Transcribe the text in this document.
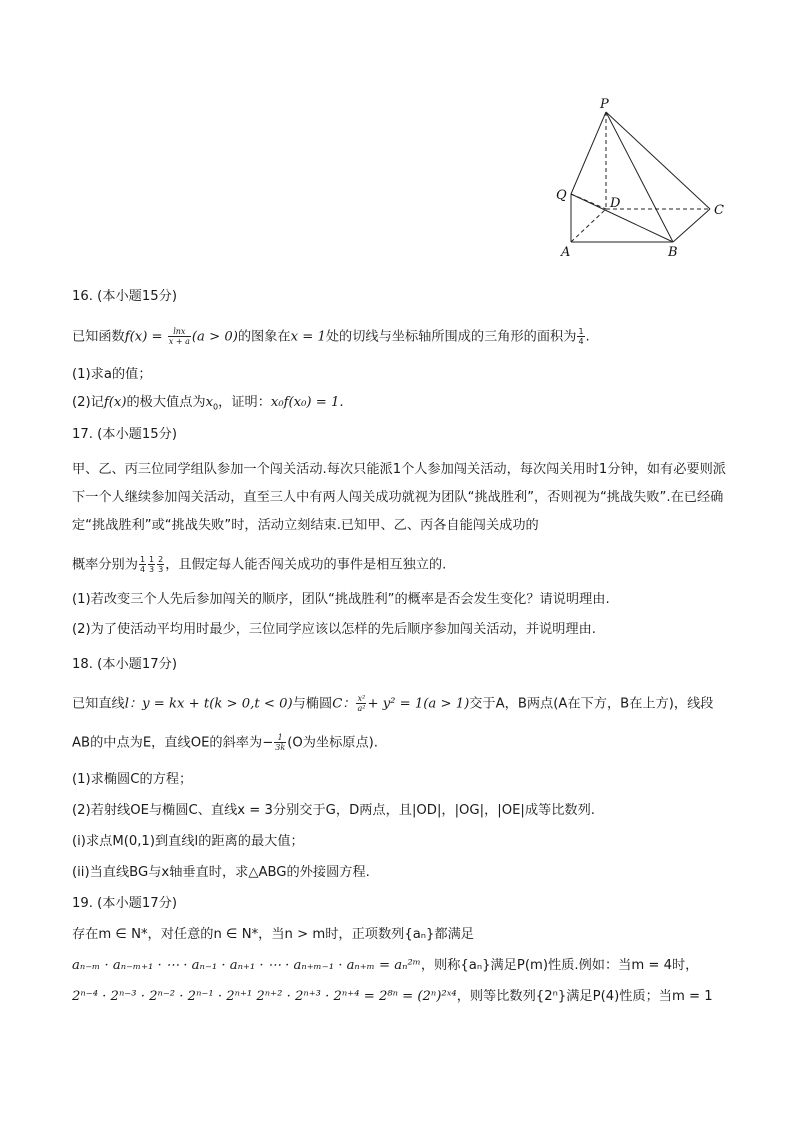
P
Q
D	C
A	B
16. (本小题15分)
已知函数$f(x) = \frac{\ln x}{x + a} (a > 0)$的图象在x = 1处的切线与坐标轴所围成的三角形的面积为 $\frac{1}{4}$ .
(1)求a的值；
(2)记f(x)的极大值点为$x_0$，证明：x₀f(x₀) = 1.
17. (本小题15分)
甲、乙、丙三位同学组队参加一个闯关活动.每次只能派1个人参加闯关活动，每次闯关用时1分钟，如有必要则派下一个人继续参加闯关活动，直至三人中有两人闯关成功就视为团队“挑战胜利”，否则视为“挑战失败”.在已经确定“挑战胜利”或“挑战失败”时，活动立刻结束.已知甲、乙、丙各自能闯关成功的
概率分别为 $\frac{1}{4} \frac{1}{3} \frac{2}{3}$ ，且假定每人能否闯关成功的事件是相互独立的.
(1)若改变三个人先后参加闯关的顺序，团队“挑战胜利”的概率是否会发生变化？请说明理由.
(2)为了使活动平均用时最少，三位同学应该以怎样的先后顺序参加闯关活动，并说明理由.
18. (本小题17分)
已知直线l：y = kx + t(k > 0,t < 0)与椭圆C： $\frac{\text{x²}}{\text{a²}} + y^2 = 1(a > 1)$交于A，B两点(A在下方，B在上方)，线段
AB的中点为E，直线OE的斜率为− $\frac{1}{3k} (O$为坐标原点).
(1)求椭圆C的方程；
(2)若射线OE与椭圆C、直线x = 3分别交于G，D两点，且|OD|，|OG|，|OE|成等比数列.
(i)求点M(0,1)到直线l的距离的最大值；
(ii)当直线BG与x轴垂直时，求△ABG的外接圆方程.
19. (本小题17分)
存在m ∈ N*，对任意的n ∈ N*，当n > m时，正项数列{aₙ}都满足
aₙ₋ₘ · aₙ₋ₘ₊₁ · ⋯ · aₙ₋₁ · aₙ₊₁ · ⋯ · aₙ₊ₘ₋₁ · aₙ₊ₘ = aₙ²ᵐ，则称{aₙ}满足P(m)性质.例如：当m = 4时，
2ⁿ⁻⁴ · 2ⁿ⁻³ · 2ⁿ⁻² · 2ⁿ⁻¹ · 2ⁿ⁺¹ 2ⁿ⁺² · 2ⁿ⁺³ · 2ⁿ⁺⁴ = 2⁸ⁿ = (2ⁿ)²ˣ⁴，则等比数列{2ⁿ}满足P(4)性质；当m = 1
